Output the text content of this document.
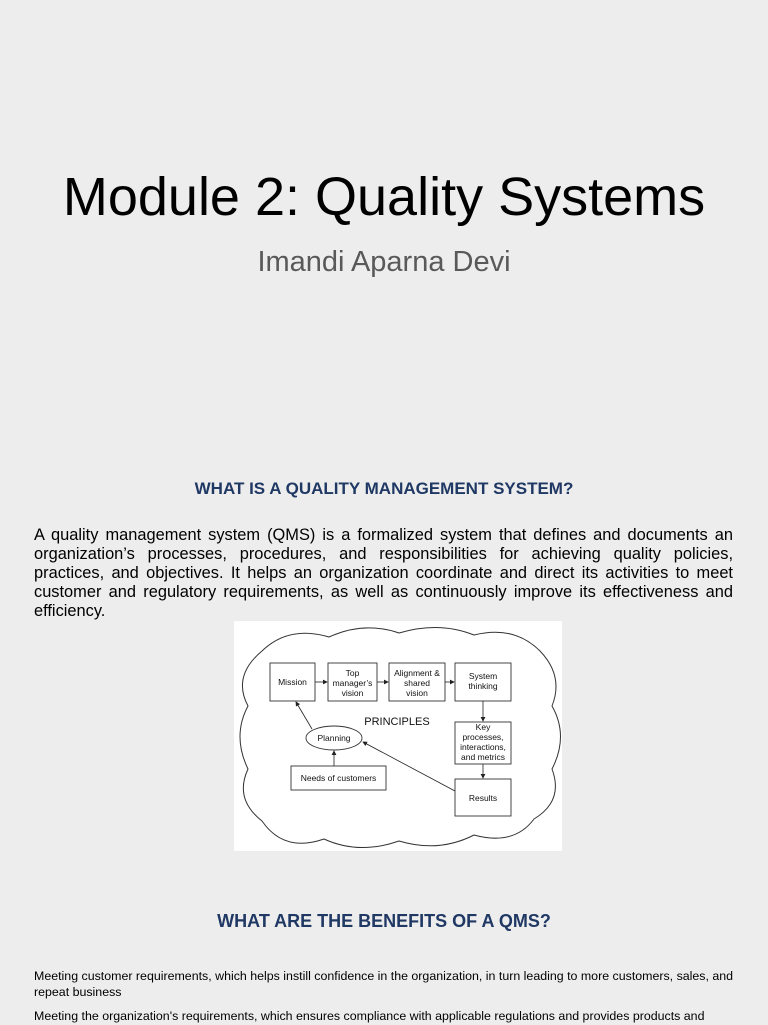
Module 2: Quality Systems
Imandi Aparna Devi
WHAT IS A QUALITY MANAGEMENT SYSTEM?

A quality management system (QMS) is a formalized system that defines and documents an organization’s processes, procedures, and responsibilities for achieving quality policies, practices, and objectives. It helps an organization coordinate and direct its activities to meet customer and regulatory requirements, as well as continuously improve its effectiveness and efficiency.

Mission
Top
manager’s
vision
Alignment &
shared
vision
System
thinking
PRINCIPLES
Planning
Key
processes,
interactions,
and metrics
Needs of customers
Results
WHAT ARE THE BENEFITS OF A QMS?

Meeting customer requirements, which helps instill confidence in the organization, in turn leading to more customers, sales, and repeat business

Meeting the organization's requirements, which ensures compliance with applicable regulations and provides products and
